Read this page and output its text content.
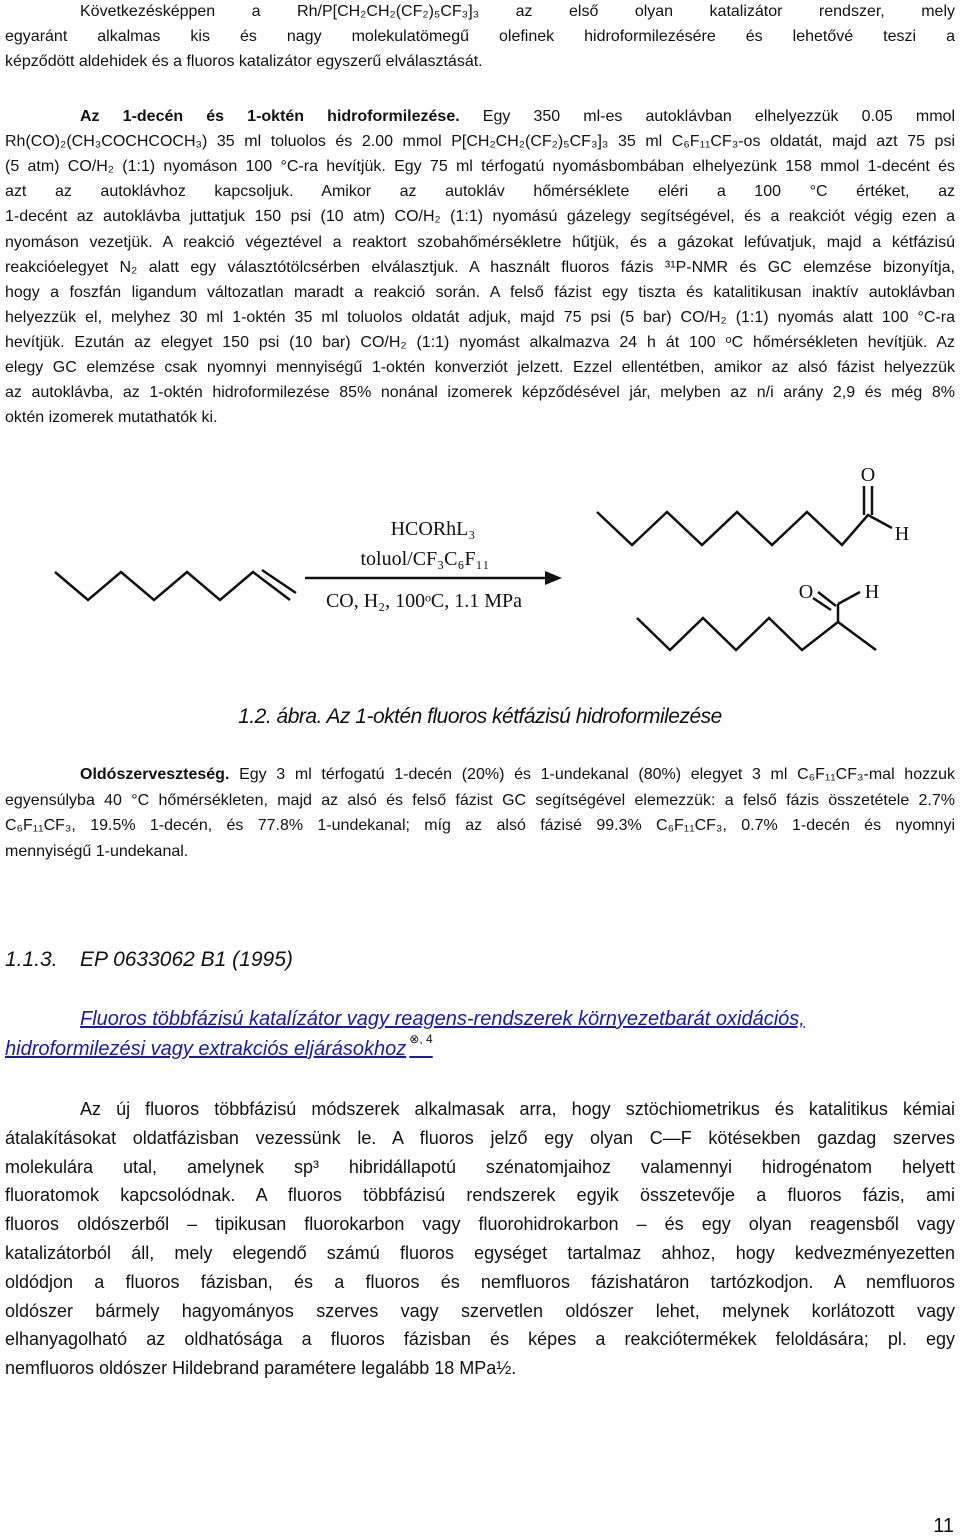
Következésképpen a Rh/P[CH₂CH₂(CF₂)₅CF₃]₃ az első olyan katalizátor rendszer, mely
egyaránt alkalmas kis és nagy molekulatömegű olefinek hidroformilezésére és lehetővé teszi a
képződött aldehidek és a fluoros katalizátor egyszerű elválasztását.
Az 1-decén és 1-oktén hidroformilezése. Egy 350 ml-es autoklávban elhelyezzük 0.05 mmol
Rh(CO)₂(CH₃COCHCOCH₃) 35 ml toluolos és 2.00 mmol P[CH₂CH₂(CF₂)₅CF₃]₃ 35 ml C₆F₁₁CF₃-os oldatát, majd azt 75 psi
(5 atm) CO/H₂ (1:1) nyomáson 100 °C-ra hevítjük. Egy 75 ml térfogatú nyomásbombában elhelyezünk 158 mmol 1-decént és
azt az autoklávhoz kapcsoljuk. Amikor az autokláv hőmérséklete eléri a 100 °C értéket, az
1-decént az autoklávba juttatjuk 150 psi (10 atm) CO/H₂ (1:1) nyomású gázelegy segítségével, és a reakciót végig ezen a
nyomáson vezetjük. A reakció végeztével a reaktort szobahőmérsékletre hűtjük, és a gázokat lefúvatjuk, majd a kétfázisú
reakcióelegyet N₂ alatt egy választótölcsérben elválasztjuk. A használt fluoros fázis ³¹P-NMR és GC elemzése bizonyítja,
hogy a foszfán ligandum változatlan maradt a reakció során. A felső fázist egy tiszta és katalitikusan inaktív autoklávban
helyezzük el, melyhez 30 ml 1-oktén 35 ml toluolos oldatát adjuk, majd 75 psi (5 bar) CO/H₂ (1:1) nyomás alatt 100 °C-ra
hevítjük. Ezután az elegyet 150 psi (10 bar) CO/H₂ (1:1) nyomást alkalmazva 24 h át 100 ᵒC hőmérsékleten hevítjük. Az
elegy GC elemzése csak nyomnyi mennyiségű 1-oktén konverziót jelzett. Ezzel ellentétben, amikor az alsó fázist helyezzük
az autoklávba, az 1-oktén hidroformilezése 85% nonánal izomerek képződésével jár, melyben az n/i arány 2,9 és még 8%
oktén izomerek mutathatók ki.
Oldószerveszteség. Egy 3 ml térfogatú 1-decén (20%) és 1-undekanal (80%) elegyet 3 ml C₆F₁₁CF₃-mal hozzuk
egyensúlyba 40 °C hőmérsékleten, majd az alsó és felső fázist GC segítségével elemezzük: a felső fázis összetétele 2.7%
C₆F₁₁CF₃, 19.5% 1-decén, és 77.8% 1-undekanal; míg az alsó fázisé 99.3% C₆F₁₁CF₃, 0.7% 1-decén és nyomnyi
mennyiségű 1-undekanal.
Az új fluoros többfázisú módszerek alkalmasak arra, hogy sztöchiometrikus és katalitikus kémiai
átalakításokat oldatfázisban vezessünk le. A fluoros jelző egy olyan C—F kötésekben gazdag szerves
molekulára utal, amelynek sp³ hibridállapotú szénatomjaihoz valamennyi hidrogénatom helyett
fluoratomok kapcsolódnak. A fluoros többfázisú rendszerek egyik összetevője a fluoros fázis, ami
fluoros oldószerből – tipikusan fluorokarbon vagy fluorohidrokarbon – és egy olyan reagensből vagy
katalizátorból áll, mely elegendő számú fluoros egységet tartalmaz ahhoz, hogy kedvezményezetten
oldódjon a fluoros fázisban, és a fluoros és nemfluoros fázishatáron tartózkodjon. A nemfluoros
oldószer bármely hagyományos szerves vagy szervetlen oldószer lehet, melynek korlátozott vagy
elhanyagolható az oldhatósága a fluoros fázisban és képes a reakciótermékek feloldására; pl. egy
nemfluoros oldószer Hildebrand paramétere legalább 18 MPa½.
HCORhL₃
toluol/CF₃C₆F₁₁
CO, H₂, 100ᵒC, 1.1 MPa
O
H
O	H
1.2. ábra. Az 1-oktén fluoros kétfázisú hidroformilezése
1.1.3. EP 0633062 B1 (1995)
Fluoros többfázisú katalízátor vagy reagens-rendszerek környezetbarát oxidációs,
hidroformilezési vagy extrakciós eljárásokhoz $^{\otimes, 4}$
11
